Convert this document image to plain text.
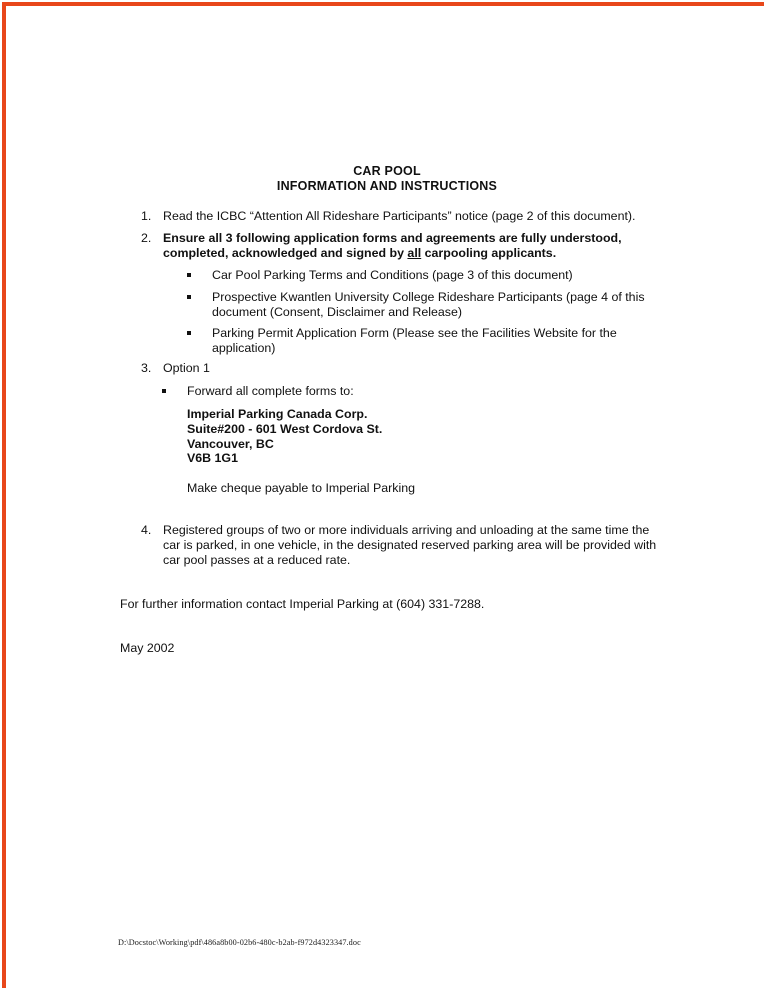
CAR POOL
INFORMATION AND INSTRUCTIONS
1. Read the ICBC “Attention All Rideshare Participants” notice (page 2 of this document).
2. Ensure all 3 following application forms and agreements are fully understood, completed, acknowledged and signed by all carpooling applicants.
Car Pool Parking Terms and Conditions (page 3 of this document)
Prospective Kwantlen University College Rideshare Participants (page 4 of this document (Consent, Disclaimer and Release)
Parking Permit Application Form (Please see the Facilities Website for the application)
3. Option 1
Forward all complete forms to:
Imperial Parking Canada Corp.
Suite#200 - 601 West Cordova St.
Vancouver, BC
V6B 1G1
Make cheque payable to Imperial Parking
4. Registered groups of two or more individuals arriving and unloading at the same time the car is parked, in one vehicle, in the designated reserved parking area will be provided with car pool passes at a reduced rate.
For further information contact Imperial Parking at (604) 331-7288.
May 2002
D:\Docstoc\Working\pdf\486a8b00-02b6-480c-b2ab-f972d4323347.doc
